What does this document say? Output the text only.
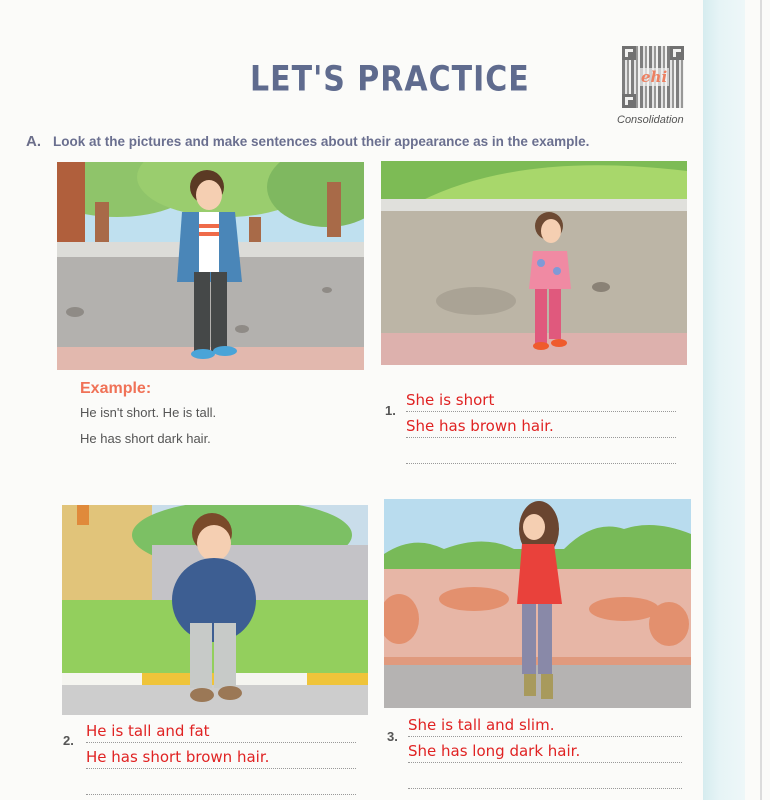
LET'S PRACTICE	ehi
Consolidation
A. Look at the pictures and make sentences about their appearance as in the example.
Example:
He isn't short. He is tall.
He has short dark hair.
1.
She is short
She has brown hair.
2.
He is tall and fat
He has short brown hair.
3.
She is tall and slim.
She has long dark hair.
